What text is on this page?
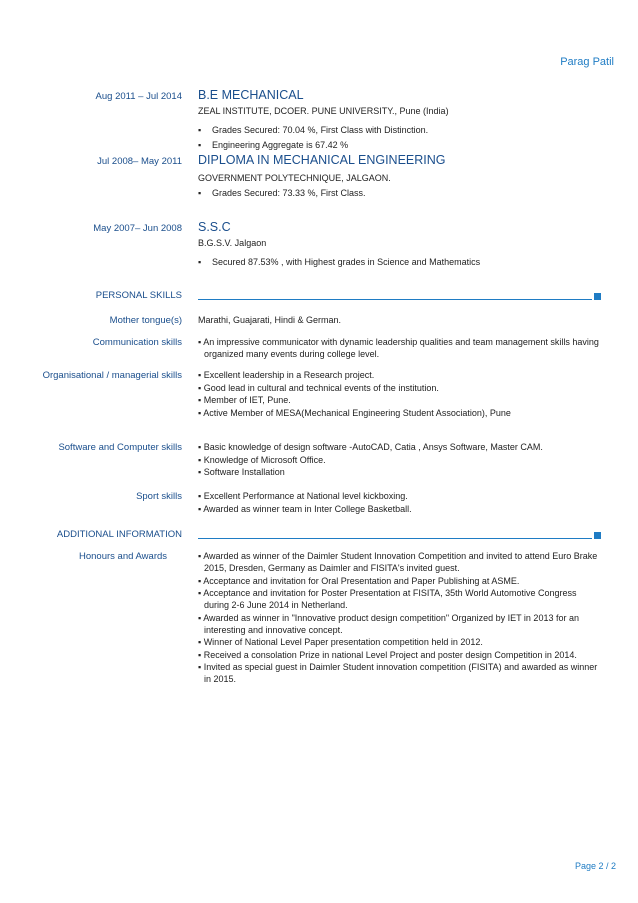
Parag Patil
Aug 2011 – Jul 2014 B.E MECHANICAL
ZEAL INSTITUTE, DCOER. PUNE UNIVERSITY., Pune (India)
▪ Grades Secured: 70.04 %, First Class with Distinction.
▪ Engineering Aggregate is 67.42 %
Jul 2008– May 2011 DIPLOMA IN MECHANICAL ENGINEERING
GOVERNMENT POLYTECHNIQUE, JALGAON.
▪ Grades Secured: 73.33 %, First Class.
May 2007– Jun 2008 S.S.C
B.G.S.V. Jalgaon
▪ Secured 87.53% , with Highest grades in Science and Mathematics
PERSONAL SKILLS
Mother tongue(s) Marathi, Guajarati, Hindi & German.
Communication skills ▪ An impressive communicator with dynamic leadership qualities and team management skills having
organized many events during college level.
Organisational / managerial skills ▪ Excellent leadership in a Research project.
▪ Good lead in cultural and technical events of the institution.
▪ Member of IET, Pune.
▪ Active Member of MESA(Mechanical Engineering Student Association), Pune
Software and Computer skills ▪ Basic knowledge of design software -AutoCAD, Catia , Ansys Software, Master CAM.
▪ Knowledge of Microsoft Office.
▪ Software Installation
Sport skills ▪ Excellent Performance at National level kickboxing.
▪ Awarded as winner team in Inter College Basketball.
ADDITIONAL INFORMATION
Honours and Awards	▪ Awarded as winner of the Daimler Student Innovation Competition and invited to attend Euro Brake
2015, Dresden, Germany as Daimler and FISITA's invited guest.
▪ Acceptance and invitation for Oral Presentation and Paper Publishing at ASME.
▪ Acceptance and invitation for Poster Presentation at FISITA, 35th World Automotive Congress
during 2-6 June 2014 in Netherland.
▪ Awarded as winner in "Innovative product design competition" Organized by IET in 2013 for an
interesting and innovative concept.
▪ Winner of National Level Paper presentation competition held in 2012.
▪ Received a consolation Prize in national Level Project and poster design Competition in 2014.
▪ Invited as special guest in Daimler Student innovation competition (FISITA) and awarded as winner
in 2015.
Page 2 / 2
